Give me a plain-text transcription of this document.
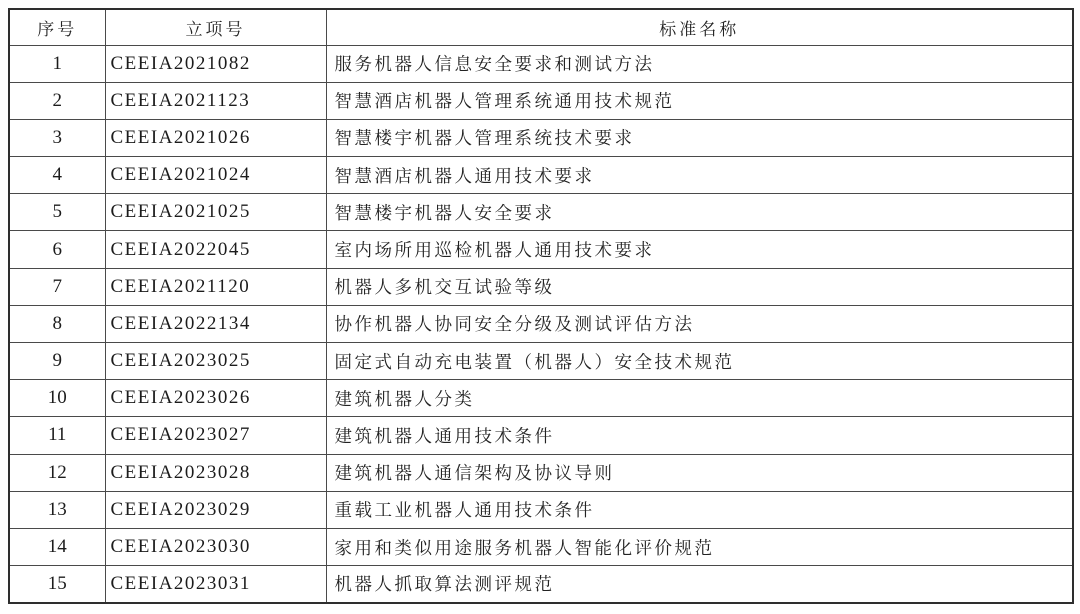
序号	立项号	标准名称
1	CEEIA2021082	服务机器人信息安全要求和测试方法
2	CEEIA2021123	智慧酒店机器人管理系统通用技术规范
3	CEEIA2021026	智慧楼宇机器人管理系统技术要求
4	CEEIA2021024	智慧酒店机器人通用技术要求
5	CEEIA2021025	智慧楼宇机器人安全要求
6	CEEIA2022045	室内场所用巡检机器人通用技术要求
7	CEEIA2021120	机器人多机交互试验等级
8	CEEIA2022134	协作机器人协同安全分级及测试评估方法
9	CEEIA2023025	固定式自动充电装置（机器人）安全技术规范
10	CEEIA2023026	建筑机器人分类
11	CEEIA2023027	建筑机器人通用技术条件
12	CEEIA2023028	建筑机器人通信架构及协议导则
13	CEEIA2023029	重载工业机器人通用技术条件
14	CEEIA2023030	家用和类似用途服务机器人智能化评价规范
15	CEEIA2023031	机器人抓取算法测评规范
